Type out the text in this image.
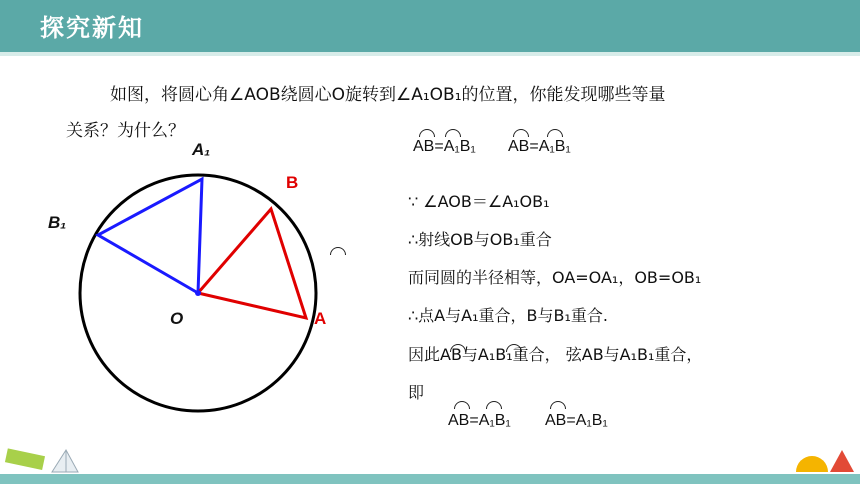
探究新知
如图，将圆心角∠AOB绕圆心O旋转到∠A₁OB₁的位置，你能发现哪些等量
关系？为什么？
AB=A₁B₁ AB=A₁B₁
∵ ∠AOB＝∠A₁OB₁
∴射线OB与OB₁重合
而同圆的半径相等，OA=OA₁，OB=OB₁
∴点A与A₁重合，B与B₁重合.
因此AB与A₁B₁重合， 弦AB与A₁B₁重合，
即
AB=A₁B₁ AB=A₁B₁
A₁
B
B₁
O	A
